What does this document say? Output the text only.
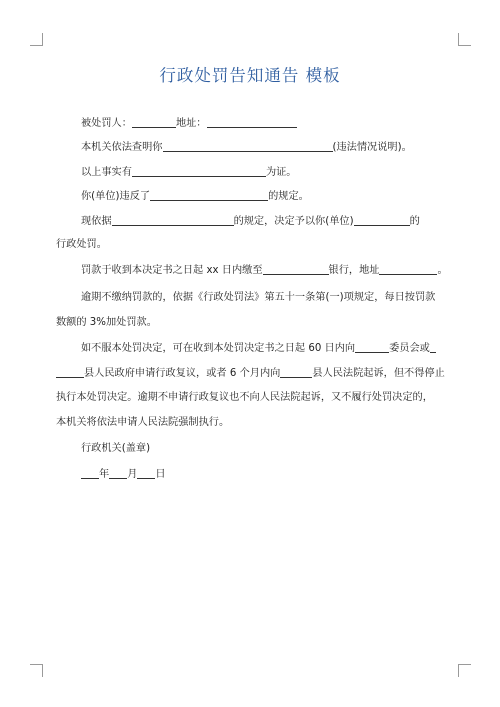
行政处罚告知通告 模板
被处罚人：	地址：
本机关依法查明你	(违法情况说明)。
以上事实有	为证。
你(单位)违反了	的规定。
现依据	的规定，决定予以你(单位)	的
行政处罚。
罚款于收到本决定书之日起 xx 日内缴至	银行，地址	。
逾期不缴纳罚款的，依据《行政处罚法》第五十一条第(一)项规定，每日按罚款
数额的 3%加处罚款。
如不服本处罚决定，可在收到本处罚决定书之日起 60 日内向	委员会或
县人民政府申请行政复议，或者 6 个月内向	县人民法院起诉，但不得停止
执行本处罚决定。逾期不申请行政复议也不向人民法院起诉，又不履行处罚决定的，
本机关将依法申请人民法院强制执行。
行政机关(盖章)
年 月 日
